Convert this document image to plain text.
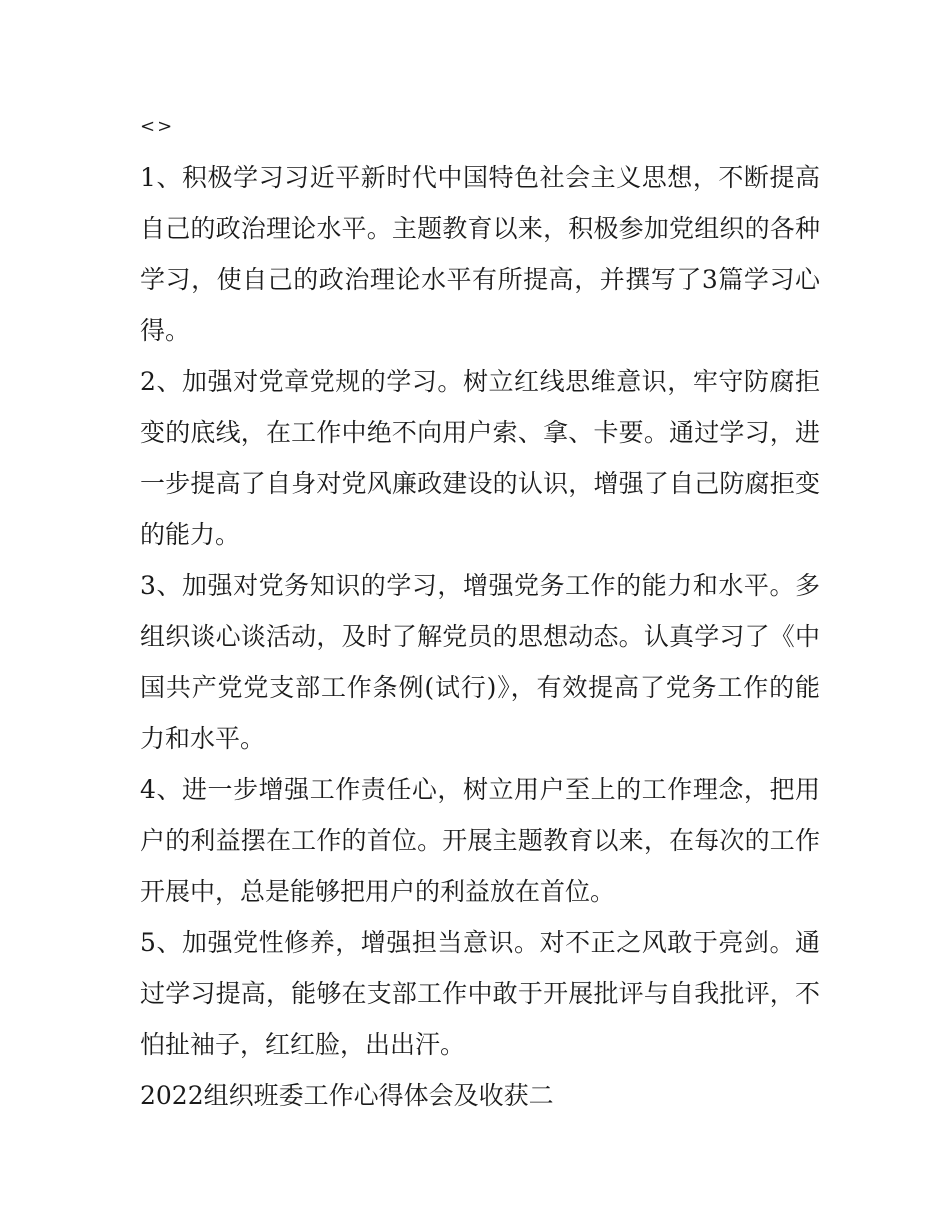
<>

1、积极学习习近平新时代中国特色社会主义思想，不断提高自己的政治理论水平。主题教育以来，积极参加党组织的各种学习，使自己的政治理论水平有所提高，并撰写了3篇学习心得。

2、加强对党章党规的学习。树立红线思维意识，牢守防腐拒变的底线，在工作中绝不向用户索、拿、卡要。通过学习，进一步提高了自身对党风廉政建设的认识，增强了自己防腐拒变的能力。

3、加强对党务知识的学习，增强党务工作的能力和水平。多组织谈心谈活动，及时了解党员的思想动态。认真学习了《中国共产党党支部工作条例(试行)》，有效提高了党务工作的能力和水平。

4、进一步增强工作责任心，树立用户至上的工作理念，把用户的利益摆在工作的首位。开展主题教育以来，在每次的工作开展中，总是能够把用户的利益放在首位。

5、加强党性修养，增强担当意识。对不正之风敢于亮剑。通过学习提高，能够在支部工作中敢于开展批评与自我批评，不怕扯袖子，红红脸，出出汗。

2022组织班委工作心得体会及收获二
